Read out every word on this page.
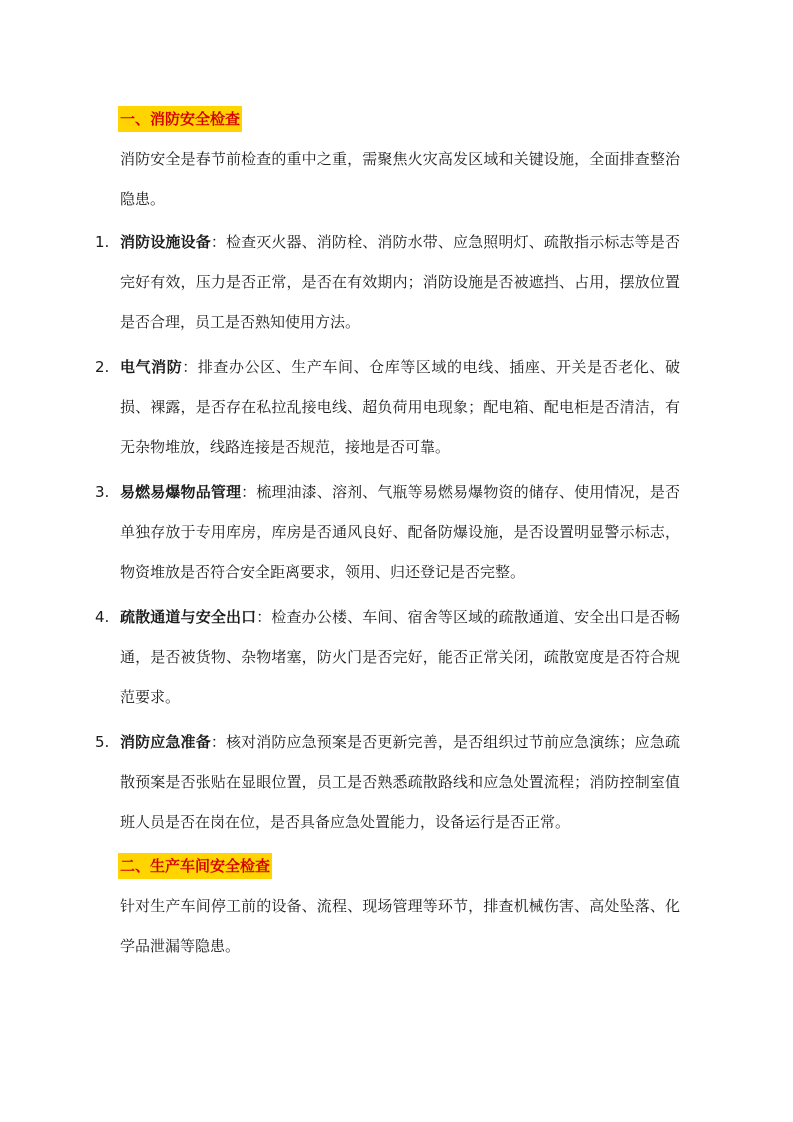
一、消防安全检查

消防安全是春节前检查的重中之重，需聚焦火灾高发区域和关键设施，全面排查整治隐患。

1. 消防设施设备：检查灭火器、消防栓、消防水带、应急照明灯、疏散指示标志等是否完好有效，压力是否正常，是否在有效期内；消防设施是否被遮挡、占用，摆放位置是否合理，员工是否熟知使用方法。
2. 电气消防：排查办公区、生产车间、仓库等区域的电线、插座、开关是否老化、破损、裸露，是否存在私拉乱接电线、超负荷用电现象；配电箱、配电柜是否清洁，有无杂物堆放，线路连接是否规范，接地是否可靠。
3. 易燃易爆物品管理：梳理油漆、溶剂、气瓶等易燃易爆物资的储存、使用情况，是否单独存放于专用库房，库房是否通风良好、配备防爆设施，是否设置明显警示标志，物资堆放是否符合安全距离要求，领用、归还登记是否完整。
4. 疏散通道与安全出口：检查办公楼、车间、宿舍等区域的疏散通道、安全出口是否畅通，是否被货物、杂物堵塞，防火门是否完好，能否正常关闭，疏散宽度是否符合规范要求。
5. 消防应急准备：核对消防应急预案是否更新完善，是否组织过节前应急演练；应急疏散预案是否张贴在显眼位置，员工是否熟悉疏散路线和应急处置流程；消防控制室值班人员是否在岗在位，是否具备应急处置能力，设备运行是否正常。
二、生产车间安全检查

针对生产车间停工前的设备、流程、现场管理等环节，排查机械伤害、高处坠落、化学品泄漏等隐患。
